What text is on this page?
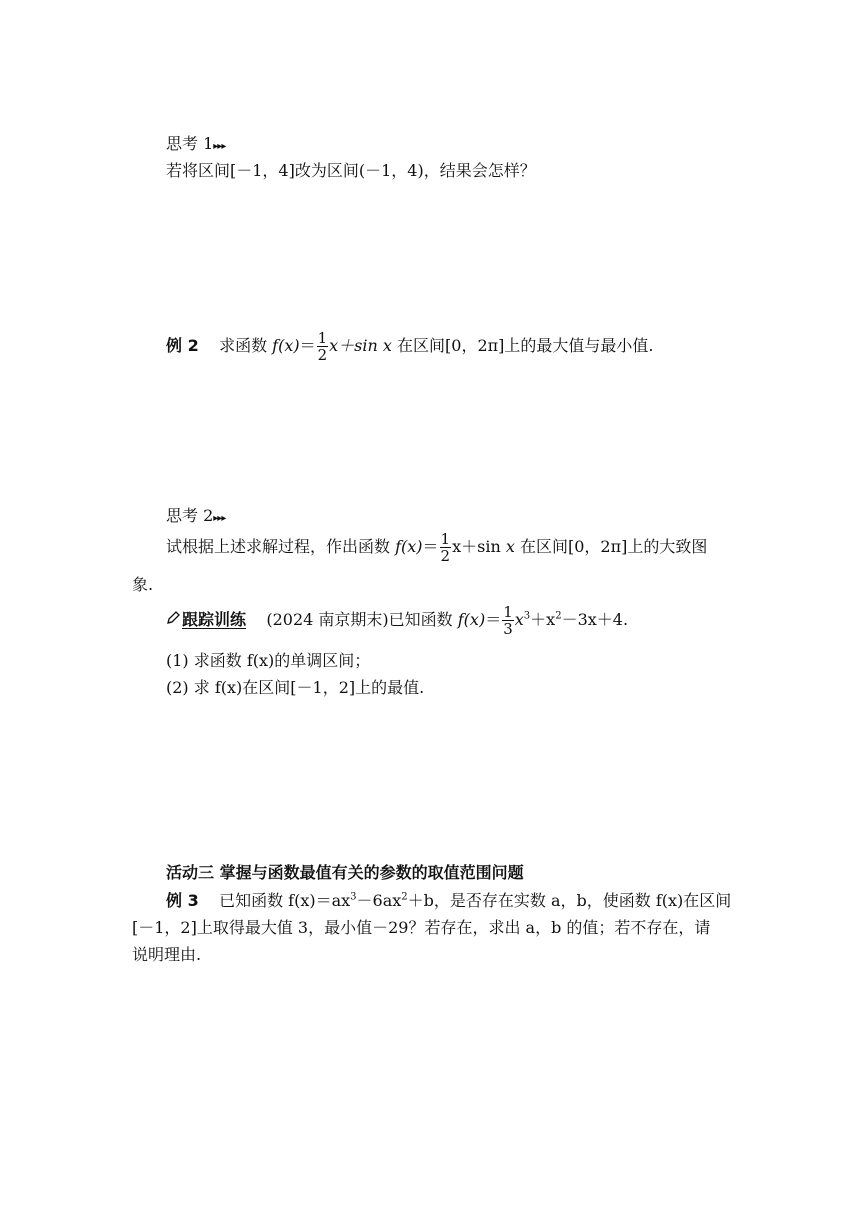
思考 1▸▸▸
若将区间[－1，4]改为区间(－1，4)，结果会怎样？
例 2 求函数 $f(x)= \frac{1}{2} x+\sin$ x 在区间[0，2π]上的最大值与最小值.
思考 2▸▸▸
试根据上述求解过程，作出函数 $f(x)= \frac{1}{2} x+\sin$ x 在区间[0，2π]上的大致图
象.
跟踪训练 (2024 南京期末)已知函数 $f(x)= \frac{1}{3} x^3+x^2-3x+4$.
(1) 求函数 f(x)的单调区间；
(2) 求 f(x)在区间[－1，2]上的最值.
活动三 掌握与函数最值有关的参数的取值范围问题
例 3 已知函数 $f(x)=ax^3-6ax^2+b$，是否存在实数 a，b，使函数 f(x)在区间
[－1，2]上取得最大值 3，最小值－29？若存在，求出 a，b 的值；若不存在，请
说明理由.
